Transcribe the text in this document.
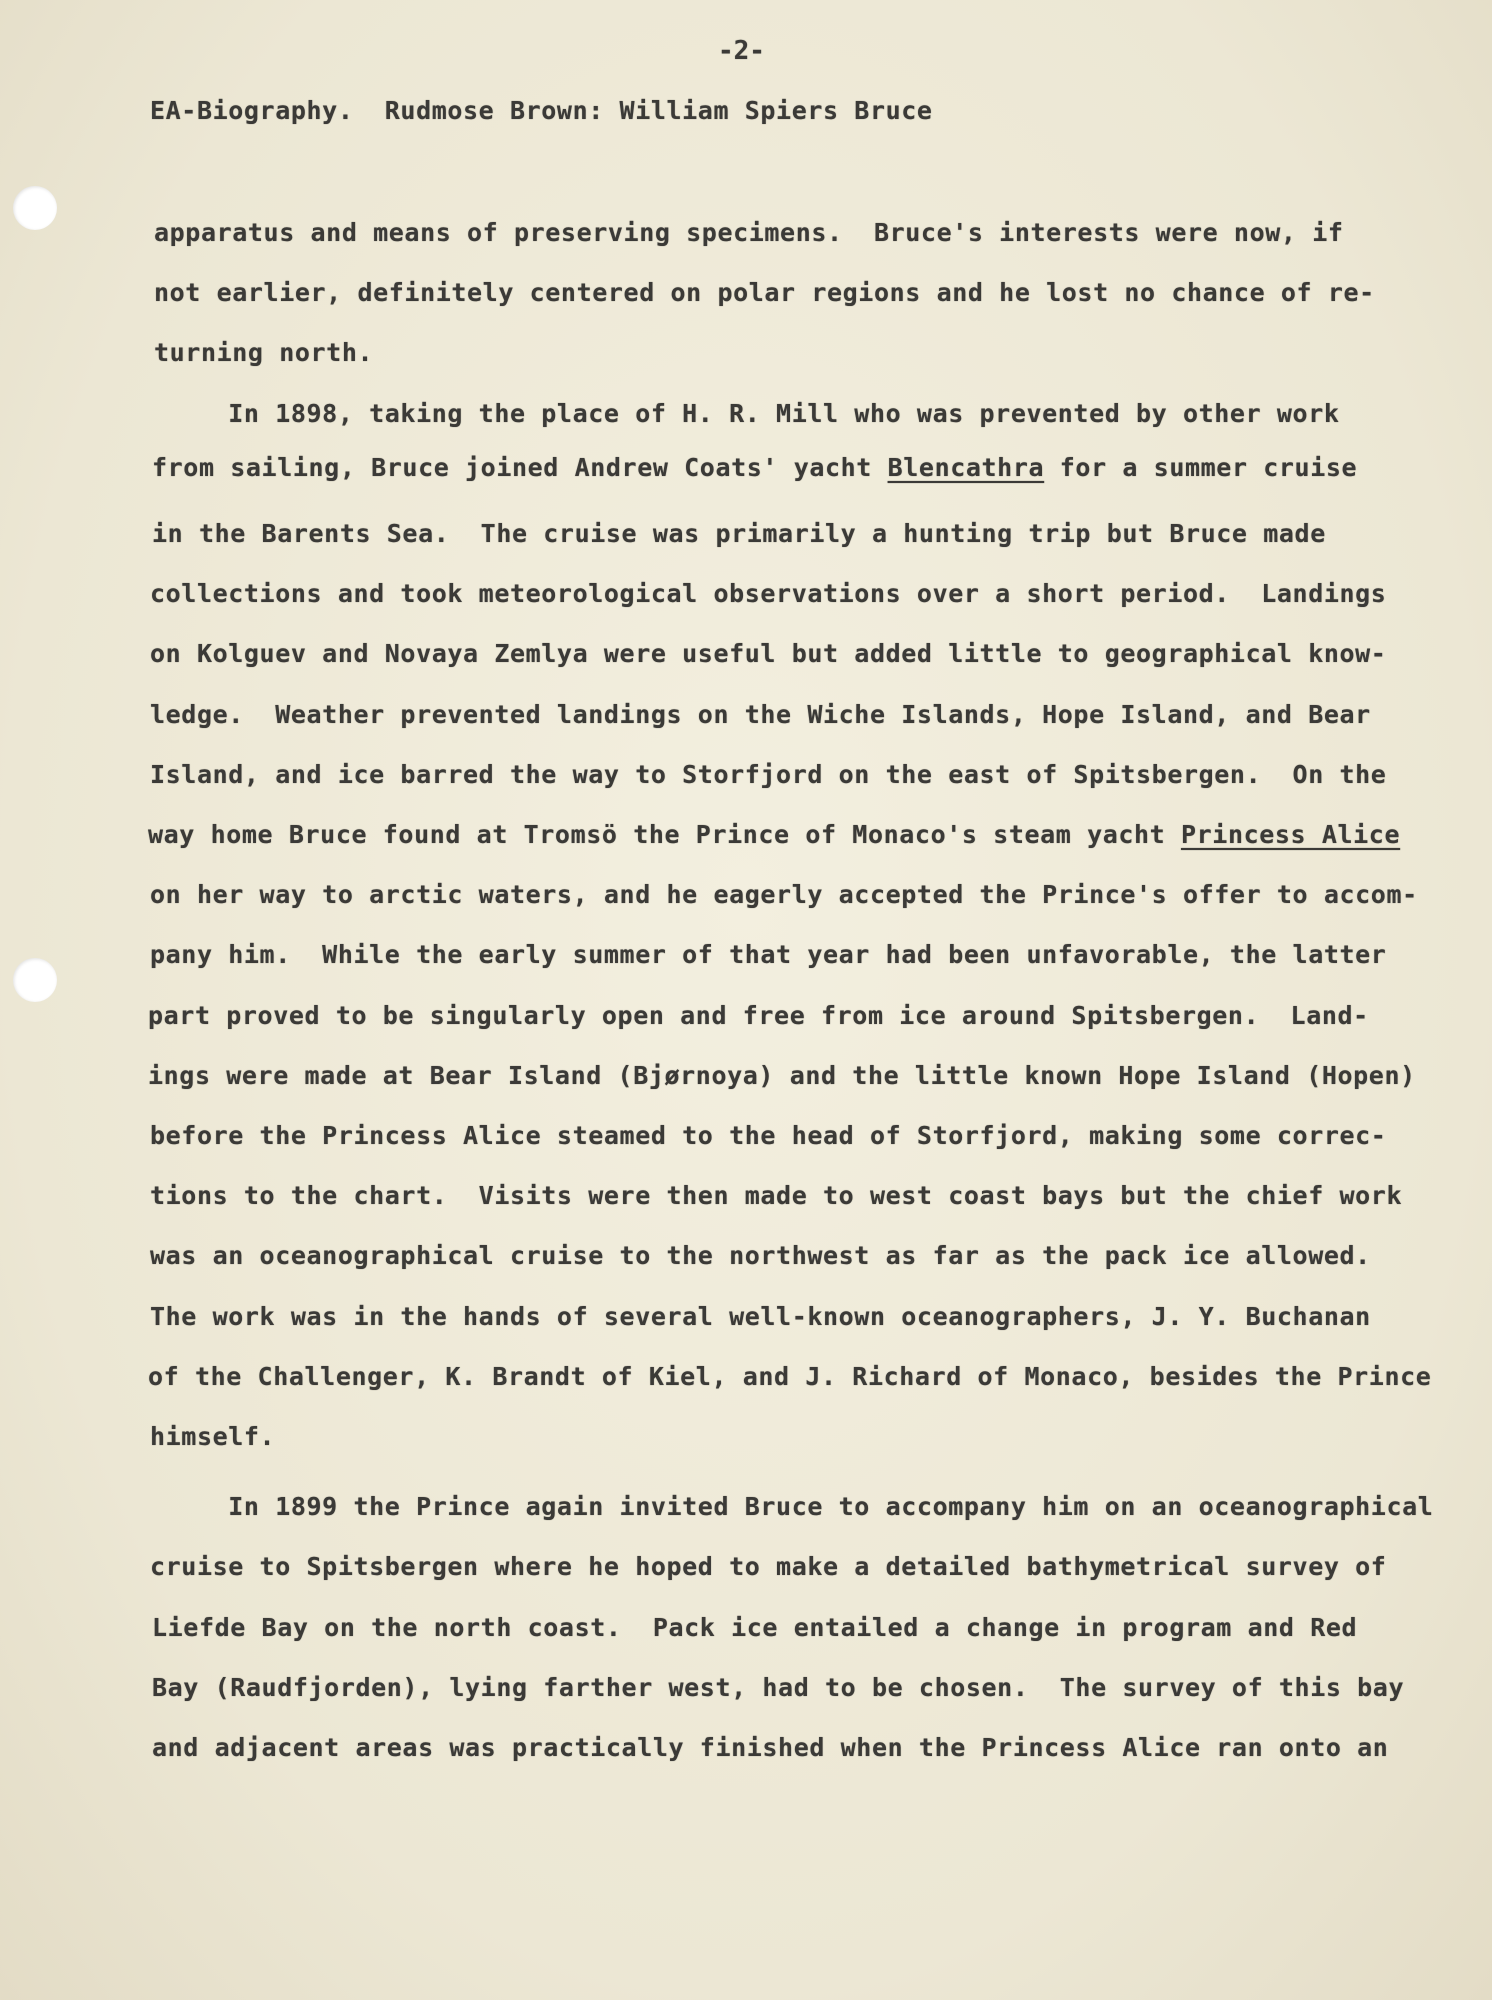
-2-
EA-Biography.  Rudmose Brown: William Spiers Bruce
apparatus and means of preserving specimens.  Bruce's interests were now, if
not earlier, definitely centered on polar regions and he lost no chance of re-
turning north.
In 1898, taking the place of H. R. Mill who was prevented by other work
from sailing, Bruce joined Andrew Coats' yacht Blencathra for a summer cruise
in the Barents Sea.  The cruise was primarily a hunting trip but Bruce made
collections and took meteorological observations over a short period.  Landings
on Kolguev and Novaya Zemlya were useful but added little to geographical know-
ledge.  Weather prevented landings on the Wiche Islands, Hope Island, and Bear
Island, and ice barred the way to Storfjord on the east of Spitsbergen.  On the
way home Bruce found at Tromsö the Prince of Monaco's steam yacht Princess Alice
on her way to arctic waters, and he eagerly accepted the Prince's offer to accom-
pany him.  While the early summer of that year had been unfavorable, the latter
part proved to be singularly open and free from ice around Spitsbergen.  Land-
ings were made at Bear Island (Bjørnoya) and the little known Hope Island (Hopen)
before the Princess Alice steamed to the head of Storfjord, making some correc-
tions to the chart.  Visits were then made to west coast bays but the chief work
was an oceanographical cruise to the northwest as far as the pack ice allowed.
The work was in the hands of several well-known oceanographers, J. Y. Buchanan
of the Challenger, K. Brandt of Kiel, and J. Richard of Monaco, besides the Prince
himself.
In 1899 the Prince again invited Bruce to accompany him on an oceanographical
cruise to Spitsbergen where he hoped to make a detailed bathymetrical survey of
Liefde Bay on the north coast.  Pack ice entailed a change in program and Red
Bay (Raudfjorden), lying farther west, had to be chosen.  The survey of this bay
and adjacent areas was practically finished when the Princess Alice ran onto an
